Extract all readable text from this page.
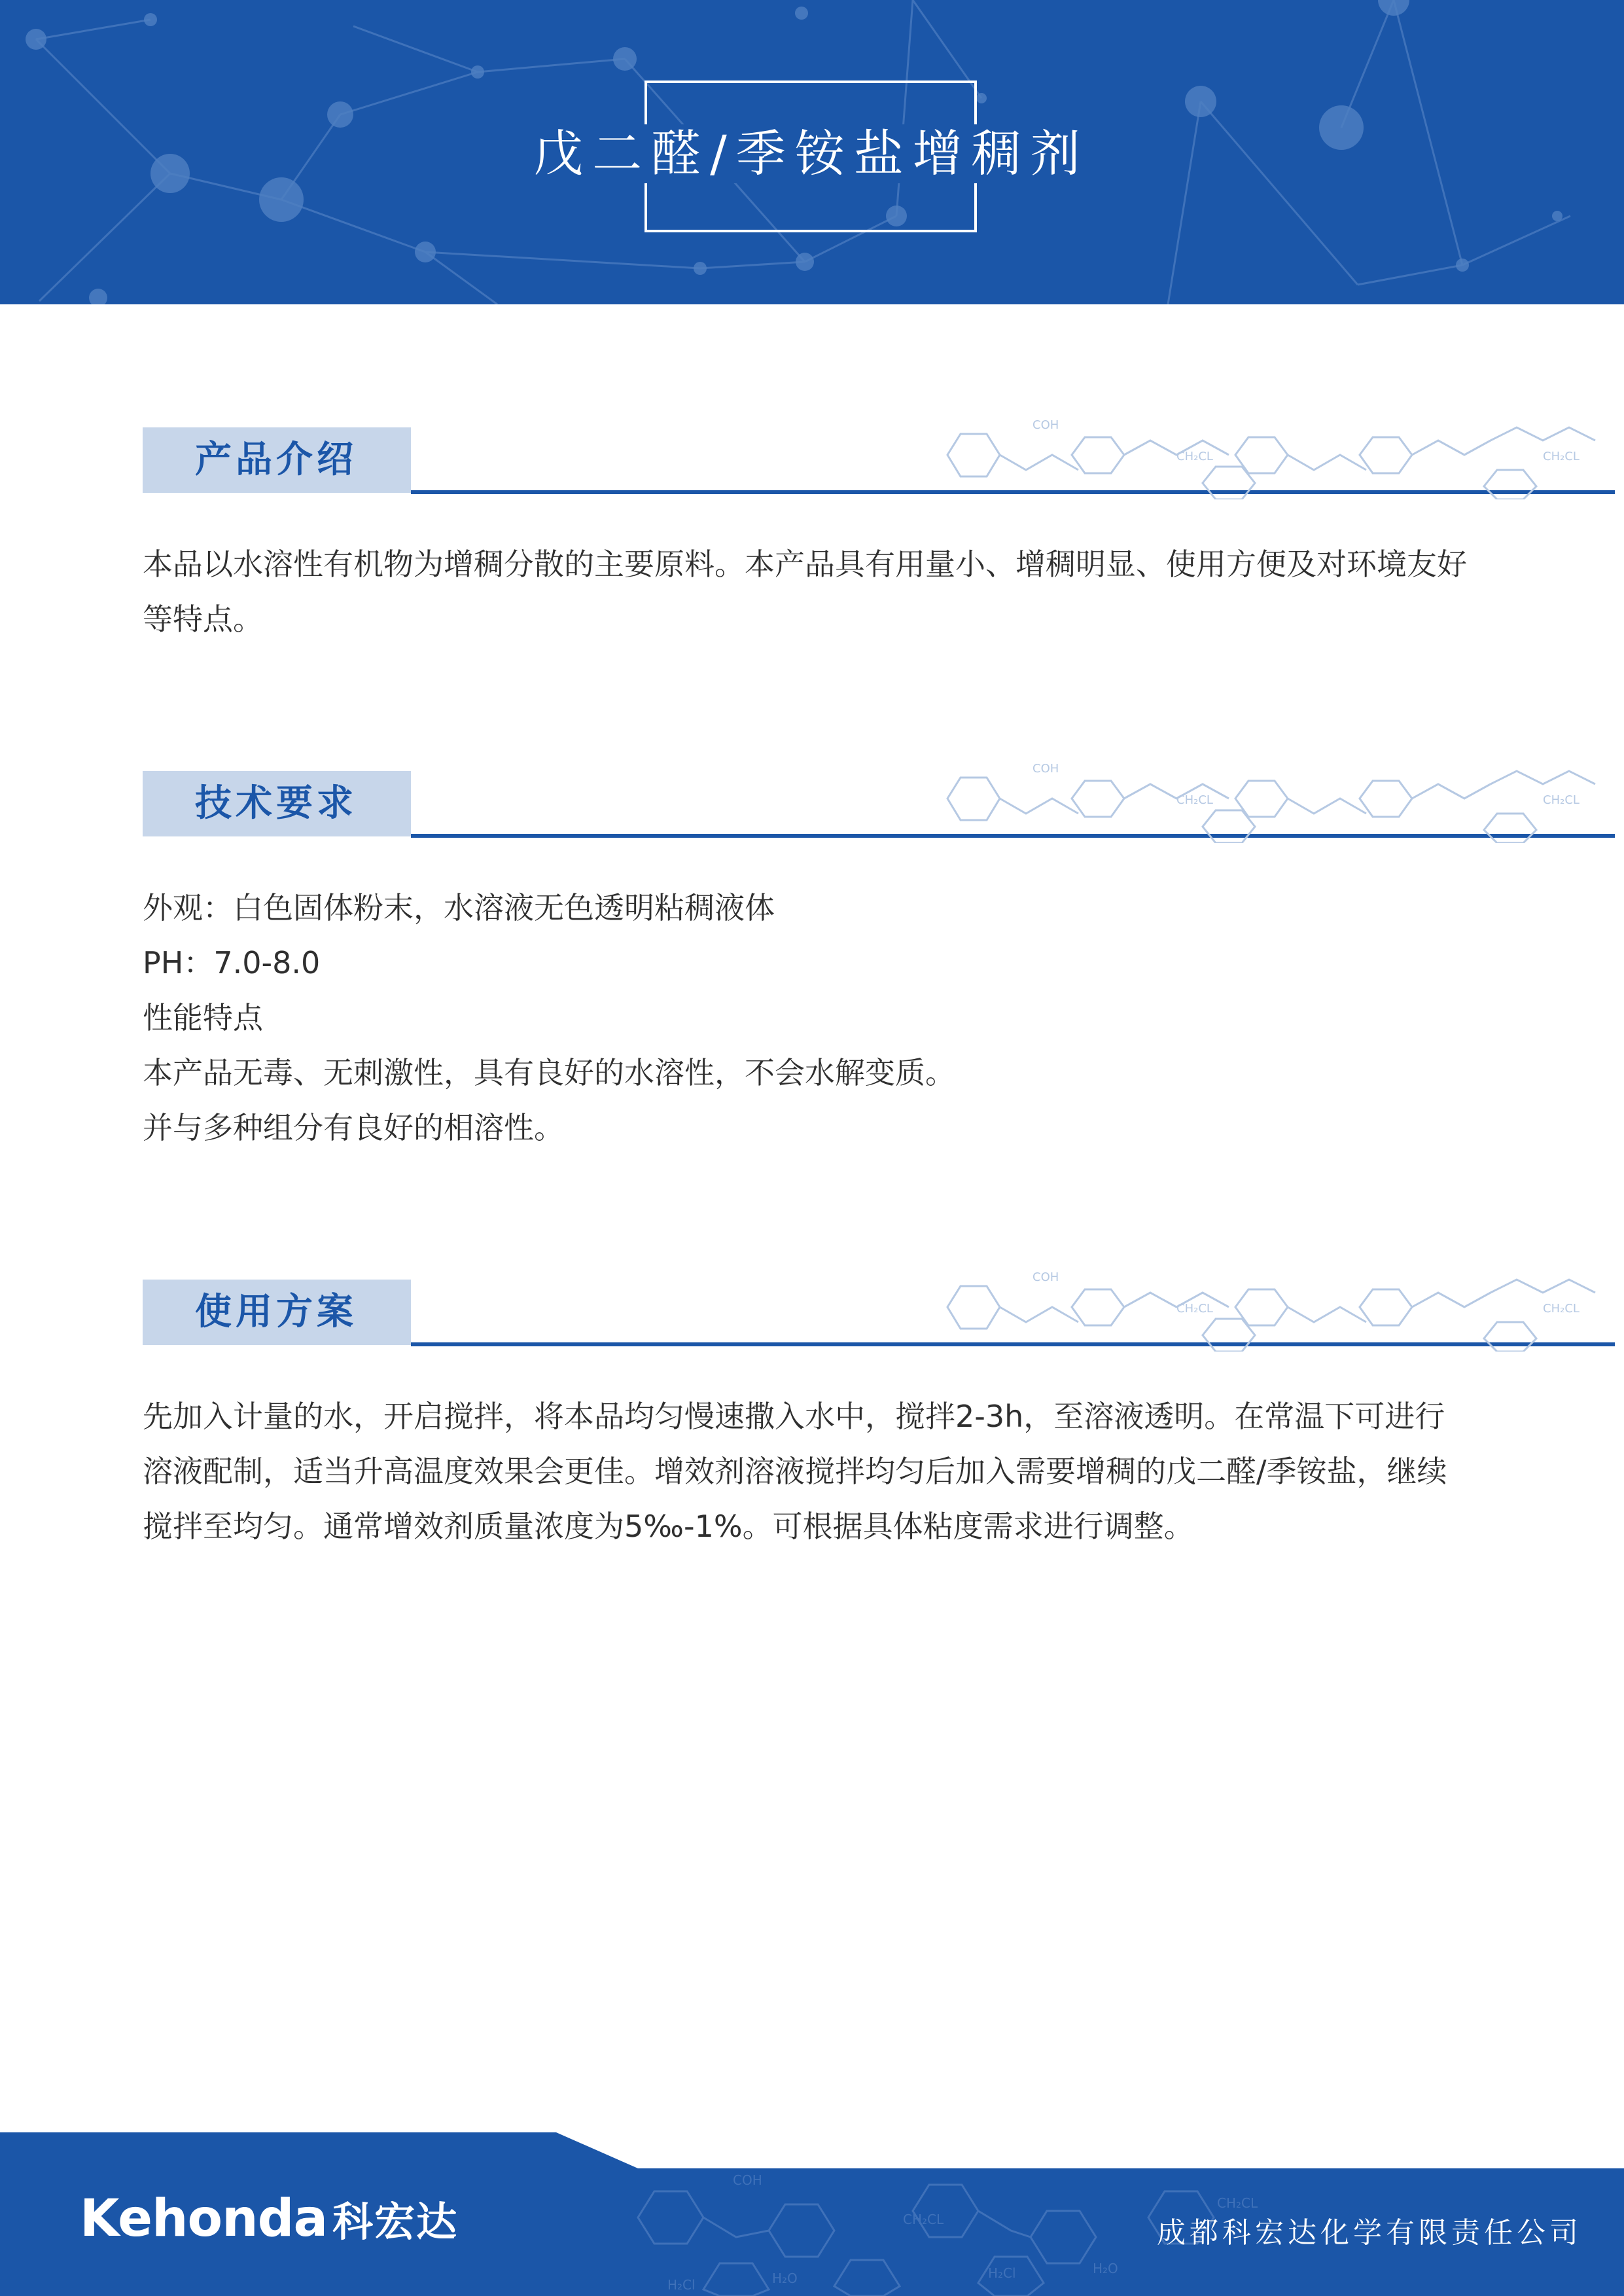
戊二醛/季铵盐增稠剂
产品介绍	CH₂CL	CH₂CL
COH

本品以水溶性有机物为增稠分散的主要原料。本产品具有用量小、增稠明显、使用方便及对环境友好等特点。

技术要求	CH₂CL	CH₂CL
COH
外观：白色固体粉末，水溶液无色透明粘稠液体
PH：7.0-8.0
性能特点
本产品无毒、无刺激性，具有良好的水溶性，不会水解变质。
并与多种组分有良好的相溶性。
使用方案	CH₂CL	CH₂CL
COH

先加入计量的水，开启搅拌，将本品均匀慢速撒入水中，搅拌2-3h，至溶液透明。在常温下可进行溶液配制，适当升高温度效果会更佳。增效剂溶液搅拌均匀后加入需要增稠的戊二醛/季铵盐，继续搅拌至均匀。通常增效剂质量浓度为5‰-1%。可根据具体粘度需求进行调整。

COH
CH₂CL
CH₂CL
H₂Cl	H₂O	H₂Cl	H₂O
Kehonda 科宏达	成都科宏达化学有限责任公司
